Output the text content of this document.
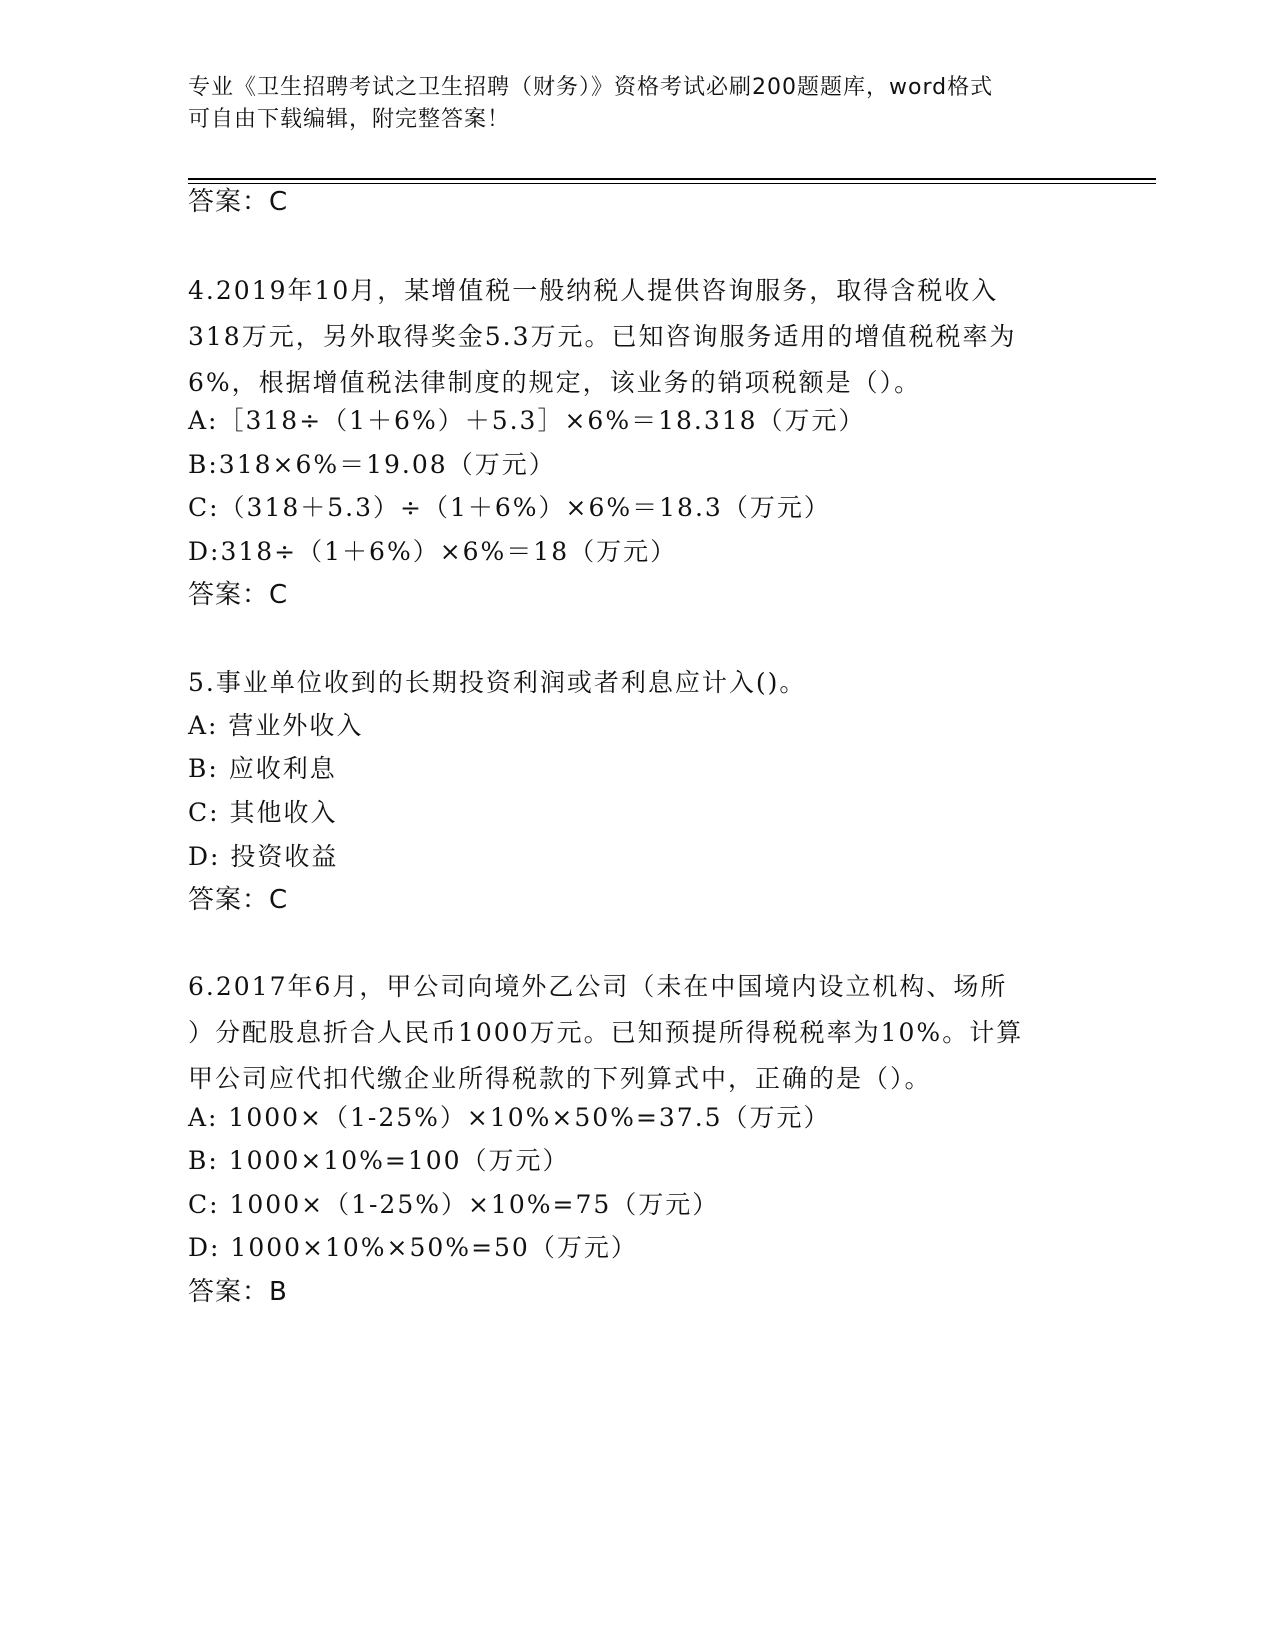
专业《卫生招聘考试之卫生招聘（财务）》资格考试必刷200题题库，word格式
可自由下载编辑，附完整答案！
答案：C
4.2019年10月，某增值税一般纳税人提供咨询服务，取得含税收入
318万元，另外取得奖金5.3万元。已知咨询服务适用的增值税税率为
6%，根据增值税法律制度的规定，该业务的销项税额是（）。
A:［318÷（1＋6%）＋5.3］×6%＝18.318（万元）
B:318×6%＝19.08（万元）
C:（318＋5.3）÷（1＋6%）×6%＝18.3（万元）
D:318÷（1＋6%）×6%＝18（万元）
答案：C
5.事业单位收到的长期投资利润或者利息应计入()。
A: 营业外收入
B: 应收利息
C: 其他收入
D: 投资收益
答案：C
6.2017年6月，甲公司向境外乙公司（未在中国境内设立机构、场所
）分配股息折合人民币1000万元。已知预提所得税税率为10%。计算
甲公司应代扣代缴企业所得税款的下列算式中，正确的是（）。
A: 1000×（1-25%）×10%×50%=37.5（万元）
B: 1000×10%=100（万元）
C: 1000×（1-25%）×10%=75（万元）
D: 1000×10%×50%=50（万元）
答案：B
